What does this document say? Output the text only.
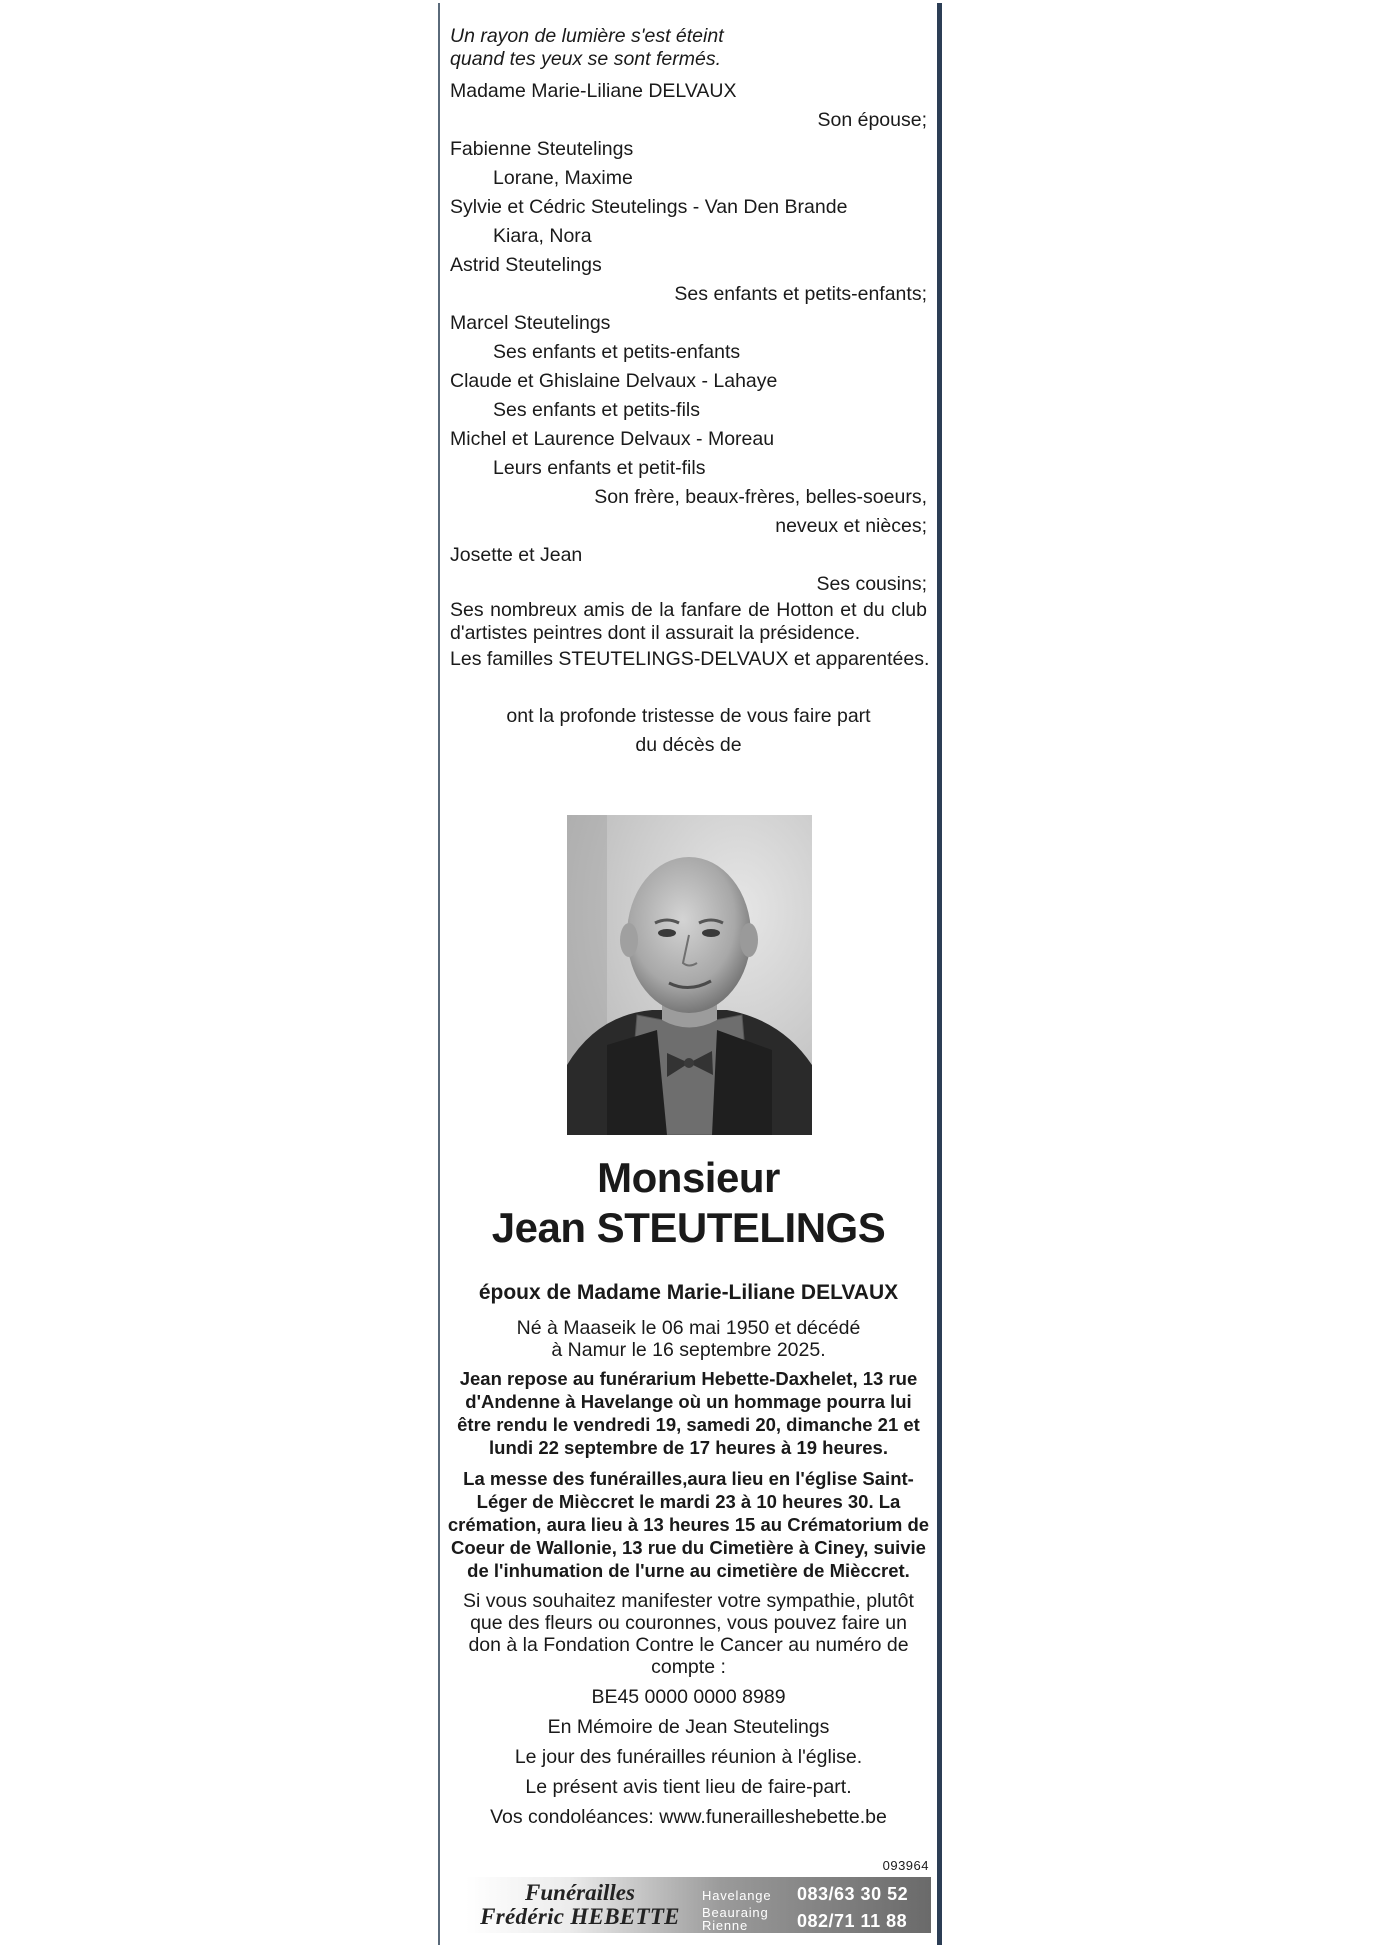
Un rayon de lumière s'est éteint
quand tes yeux se sont fermés.
Madame Marie-Liliane DELVAUX
Son épouse;
Fabienne Steutelings
Lorane, Maxime
Sylvie et Cédric Steutelings - Van Den Brande
Kiara, Nora
Astrid Steutelings
Ses enfants et petits-enfants;
Marcel Steutelings
Ses enfants et petits-enfants
Claude et Ghislaine Delvaux - Lahaye
Ses enfants et petits-fils
Michel et Laurence Delvaux - Moreau
Leurs enfants et petit-fils
Son frère, beaux-frères, belles-soeurs,
neveux et nièces;
Josette et Jean
Ses cousins;
Ses nombreux amis de la fanfare de Hotton et du club d'artistes peintres dont il assurait la présidence.
Les familles STEUTELINGS-DELVAUX et apparentées.
ont la profonde tristesse de vous faire part
du décès de
Monsieur
Jean STEUTELINGS
époux de Madame Marie-Liliane DELVAUX
Né à Maaseik le 06 mai 1950 et décédé
à Namur le 16 septembre 2025.
Jean repose au funérarium Hebette-Daxhelet, 13 rue d'Andenne à Havelange où un hommage pourra lui être rendu le vendredi 19, samedi 20, dimanche 21 et lundi 22 septembre de 17 heures à 19 heures.
La messe des funérailles,aura lieu en l'église Saint-Léger de Mièccret le mardi 23 à 10 heures 30. La crémation, aura lieu à 13 heures 15 au Crématorium de Coeur de Wallonie, 13 rue du Cimetière à Ciney, suivie de l'inhumation de l'urne au cimetière de Mièccret.
Si vous souhaitez manifester votre sympathie, plutôt que des fleurs ou couronnes, vous pouvez faire un don à la Fondation Contre le Cancer au numéro de compte :
BE45 0000 0000 8989
En Mémoire de Jean Steutelings
Le jour des funérailles réunion à l'église.
Le présent avis tient lieu de faire-part.
Vos condoléances: www.funerailleshebette.be
093964
Funérailles
Frédéric HEBETTE
Havelange 083/63 30 52
Beauraing
Rienne	082/71 11 88
